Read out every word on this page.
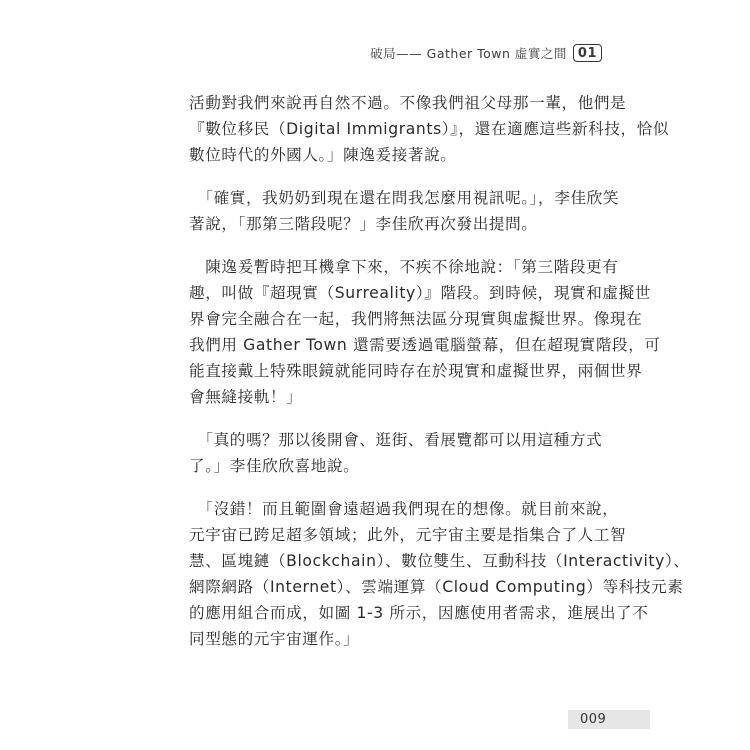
破局—— Gather Town 虛實之間 01

活動對我們來說再自然不過。不像我們祖父母那一輩，他們是
『數位移民（Digital Immigrants）』，還在適應這些新科技，恰似
數位時代的外國人。」陳逸爰接著說。

　「確實，我奶奶到現在還在問我怎麼用視訊呢。」，李佳欣笑
著說，「那第三階段呢？」李佳欣再次發出提問。

　陳逸爰暫時把耳機拿下來，不疾不徐地說：「第三階段更有
趣，叫做『超現實（Surreality）』階段。到時候，現實和虛擬世
界會完全融合在一起，我們將無法區分現實與虛擬世界。像現在
我們用 Gather Town 還需要透過電腦螢幕，但在超現實階段，可
能直接戴上特殊眼鏡就能同時存在於現實和虛擬世界，兩個世界
會無縫接軌！」

　「真的嗎？那以後開會、逛街、看展覽都可以用這種方式
了。」李佳欣欣喜地說。

　「沒錯！而且範圍會遠超過我們現在的想像。就目前來說，
元宇宙已跨足超多領域；此外，元宇宙主要是指集合了人工智
慧、區塊鏈（Blockchain）、數位雙生、互動科技（Interactivity）、
網際網路（Internet）、雲端運算（Cloud Computing）等科技元素
的應用組合而成，如圖 1-3 所示，因應使用者需求，進展出了不
同型態的元宇宙運作。」

009
